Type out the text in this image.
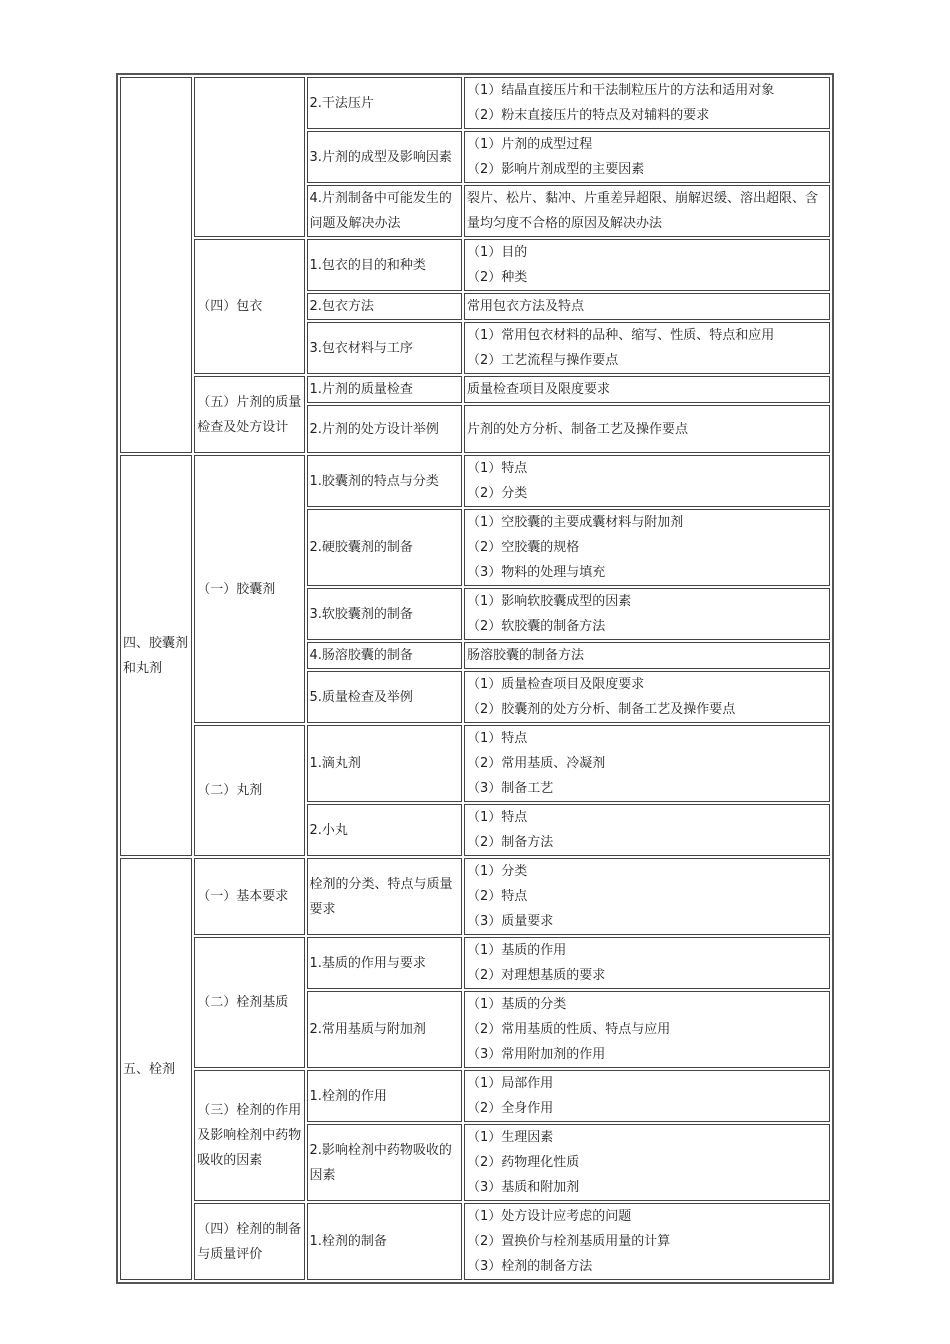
		2.干法压片	（1）结晶直接压片和干法制粒压片的方法和适用对象
（2）粉末直接压片的特点及对辅料的要求

		3.片剂的成型及影响因素	（1）片剂的成型过程
（2）影响片剂成型的主要因素

		4.片剂制备中可能发生的问题及解决办法	裂片、松片、黏冲、片重差异超限、崩解迟缓、溶出超限、含量均匀度不合格的原因及解决办法
	（四）包衣	1.包衣的目的和种类	（1）目的
（2）种类

		2.包衣方法	常用包衣方法及特点
		3.包衣材料与工序	（1）常用包衣材料的品种、缩写、性质、特点和应用
（2）工艺流程与操作要点

	（五）片剂的质量检查及处方设计	1.片剂的质量检查	质量检查项目及限度要求
		2.片剂的处方设计举例	片剂的处方分析、制备工艺及操作要点
四、胶囊剂和丸剂	（一）胶囊剂	1.胶囊剂的特点与分类	（1）特点
（2）分类

		2.硬胶囊剂的制备	（1）空胶囊的主要成囊材料与附加剂
（2）空胶囊的规格
（3）物料的处理与填充

		3.软胶囊剂的制备	（1）影响软胶囊成型的因素
（2）软胶囊的制备方法

		4.肠溶胶囊的制备	肠溶胶囊的制备方法
		5.质量检查及举例	（1）质量检查项目及限度要求
（2）胶囊剂的处方分析、制备工艺及操作要点

	（二）丸剂	1.滴丸剂	（1）特点
（2）常用基质、冷凝剂
（3）制备工艺

		2.小丸	（1）特点
（2）制备方法

五、栓剂	（一）基本要求	栓剂的分类、特点与质量要求	（1）分类
（2）特点
（3）质量要求

	（二）栓剂基质	1.基质的作用与要求	（1）基质的作用
（2）对理想基质的要求

		2.常用基质与附加剂	（1）基质的分类
（2）常用基质的性质、特点与应用
（3）常用附加剂的作用

	（三）栓剂的作用及影响栓剂中药物吸收的因素	1.栓剂的作用	（1）局部作用
（2）全身作用

		2.影响栓剂中药物吸收的因素	（1）生理因素
（2）药物理化性质
（3）基质和附加剂

	（四）栓剂的制备与质量评价	1.栓剂的制备	（1）处方设计应考虑的问题
（2）置换价与栓剂基质用量的计算
（3）栓剂的制备方法
